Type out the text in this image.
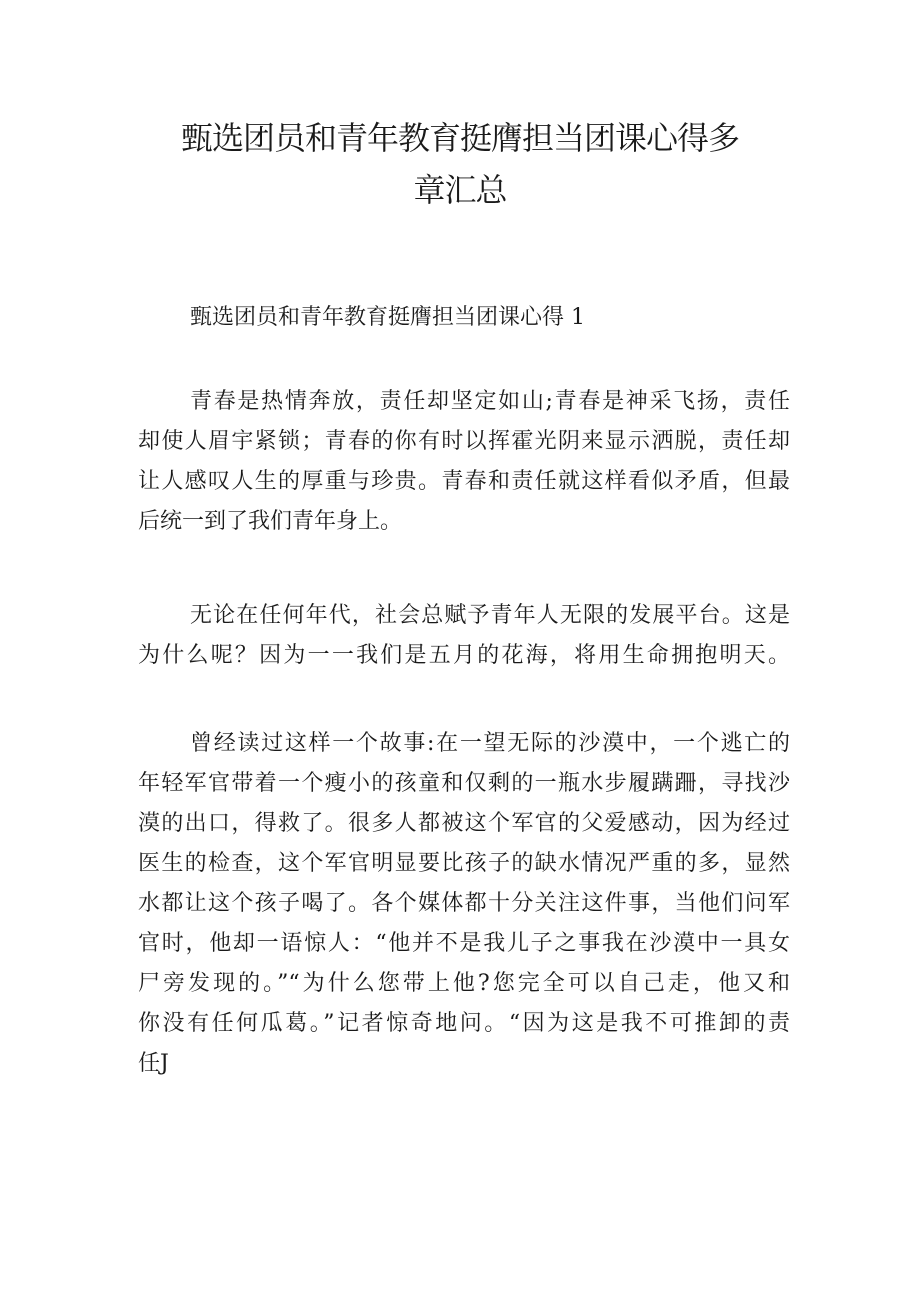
甄选团员和青年教育挺膺担当团课心得多
章汇总
甄选团员和青年教育挺膺担当团课心得 1

青春是热情奔放，责任却坚定如山;青春是神采飞扬，责任
却使人眉宇紧锁；青春的你有时以挥霍光阴来显示洒脱，责任却
让人感叹人生的厚重与珍贵。青春和责任就这样看似矛盾，但最
后统一到了我们青年身上。

无论在任何年代，社会总赋予青年人无限的发展平台。这是
为什么呢？因为一一我们是五月的花海，将用生命拥抱明天。

曾经读过这样一个故事:在一望无际的沙漠中，一个逃亡的
年轻军官带着一个瘦小的孩童和仅剩的一瓶水步履蹒跚，寻找沙
漠的出口，得救了。很多人都被这个军官的父爱感动，因为经过
医生的检查，这个军官明显要比孩子的缺水情况严重的多，显然
水都让这个孩子喝了。各个媒体都十分关注这件事，当他们问军
官时，他却一语惊人：“他并不是我儿子之事我在沙漠中一具女
尸旁发现的。”“为什么您带上他?您完全可以自己走，他又和
你没有任何瓜葛。”记者惊奇地问。“因为这是我不可推卸的责
任J
